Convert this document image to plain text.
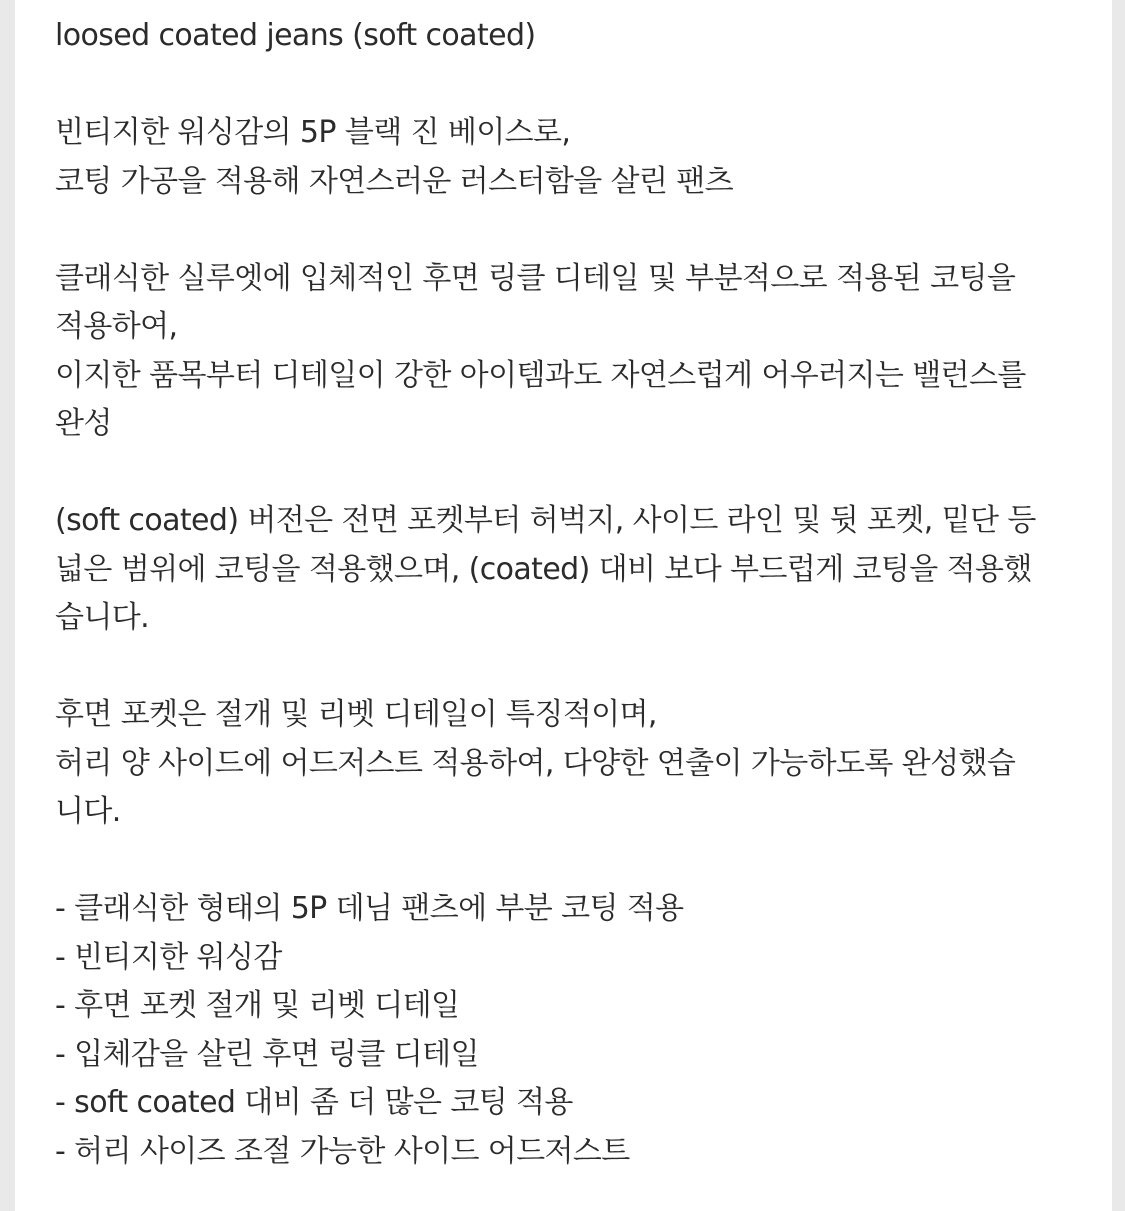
loosed coated jeans (soft coated)
빈티지한 워싱감의 5P 블랙 진 베이스로,
코팅 가공을 적용해 자연스러운 러스터함을 살린 팬츠
클래식한 실루엣에 입체적인 후면 링클 디테일 및 부분적으로 적용된 코팅을
적용하여,
이지한 품목부터 디테일이 강한 아이템과도 자연스럽게 어우러지는 밸런스를
완성
(soft coated) 버전은 전면 포켓부터 허벅지, 사이드 라인 및 뒷 포켓, 밑단 등
넓은 범위에 코팅을 적용했으며, (coated) 대비 보다 부드럽게 코팅을 적용했
습니다.
후면 포켓은 절개 및 리벳 디테일이 특징적이며,
허리 양 사이드에 어드저스트 적용하여, 다양한 연출이 가능하도록 완성했습
니다.
- 클래식한 형태의 5P 데님 팬츠에 부분 코팅 적용
- 빈티지한 워싱감
- 후면 포켓 절개 및 리벳 디테일
- 입체감을 살린 후면 링클 디테일
- soft coated 대비 좀 더 많은 코팅 적용
- 허리 사이즈 조절 가능한 사이드 어드저스트
